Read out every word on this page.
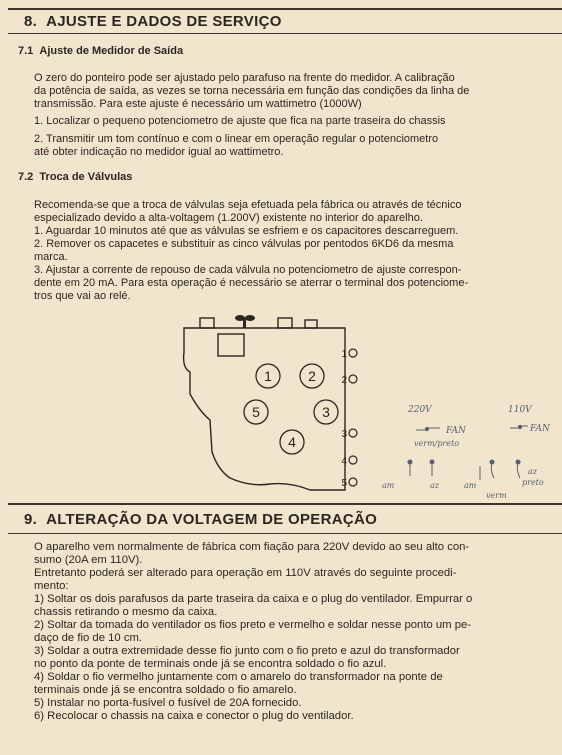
8. AJUSTE E DADOS DE SERVIÇO
7.1 Ajuste de Medidor de Saída
O zero do ponteiro pode ser ajustado pelo parafuso na frente do medidor. A calibração
da potência de saída, as vezes se torna necessária em função das condições da linha de
transmissão. Para este ajuste é necessário um wattimetro (1000W)
1. Localizar o pequeno potenciometro de ajuste que fica na parte traseira do chassis
2. Transmitir um tom contínuo e com o linear em operação regular o potenciometro
até obter indicação no medidor igual ao wattimetro.
7.2 Troca de Válvulas
Recomenda-se que a troca de válvulas seja efetuada pela fábrica ou através de técnico
especializado devido a alta-voltagem (1.200V) existente no interior do aparelho.
1. Aguardar 10 minutos até que as válvulas se esfriem e os capacitores descarreguem.
2. Remover os capacetes e substituir as cinco válvulas por pentodos 6KD6 da mesma
marca.
3. Ajustar a corrente de repouso de cada válvula no potenciometro de ajuste correspon-
dente em 20 mA. Para esta operação é necessário se aterrar o terminal dos potenciome-
tros que vai ao relé.
1	2
5	3
4
1
2
3
4
5
220V	110V
FAN	FAN
verm/preto
az
preto
am	az	am
verm
9. ALTERAÇÃO DA VOLTAGEM DE OPERAÇÃO
O aparelho vem normalmente de fábrica com fiação para 220V devido ao seu alto con-
sumo (20A em 110V).
Entretanto poderá ser alterado para operação em 110V através do seguinte procedi-
mento:
1) Soltar os dois parafusos da parte traseira da caixa e o plug do ventilador. Empurrar o
chassis retirando o mesmo da caixa.
2) Soltar da tomada do ventilador os fios preto e vermelho e soldar nesse ponto um pe-
daço de fio de 10 cm.
3) Soldar a outra extremidade desse fio junto com o fio preto e azul do transformador
no ponto da ponte de terminais onde já se encontra soldado o fio azul.
4) Soldar o fio vermelho juntamente com o amarelo do transformador na ponte de
terminais onde já se encontra soldado o fio amarelo.
5) Instalar no porta-fusível o fusível de 20A fornecido.
6) Recolocar o chassis na caixa e conector o plug do ventilador.
